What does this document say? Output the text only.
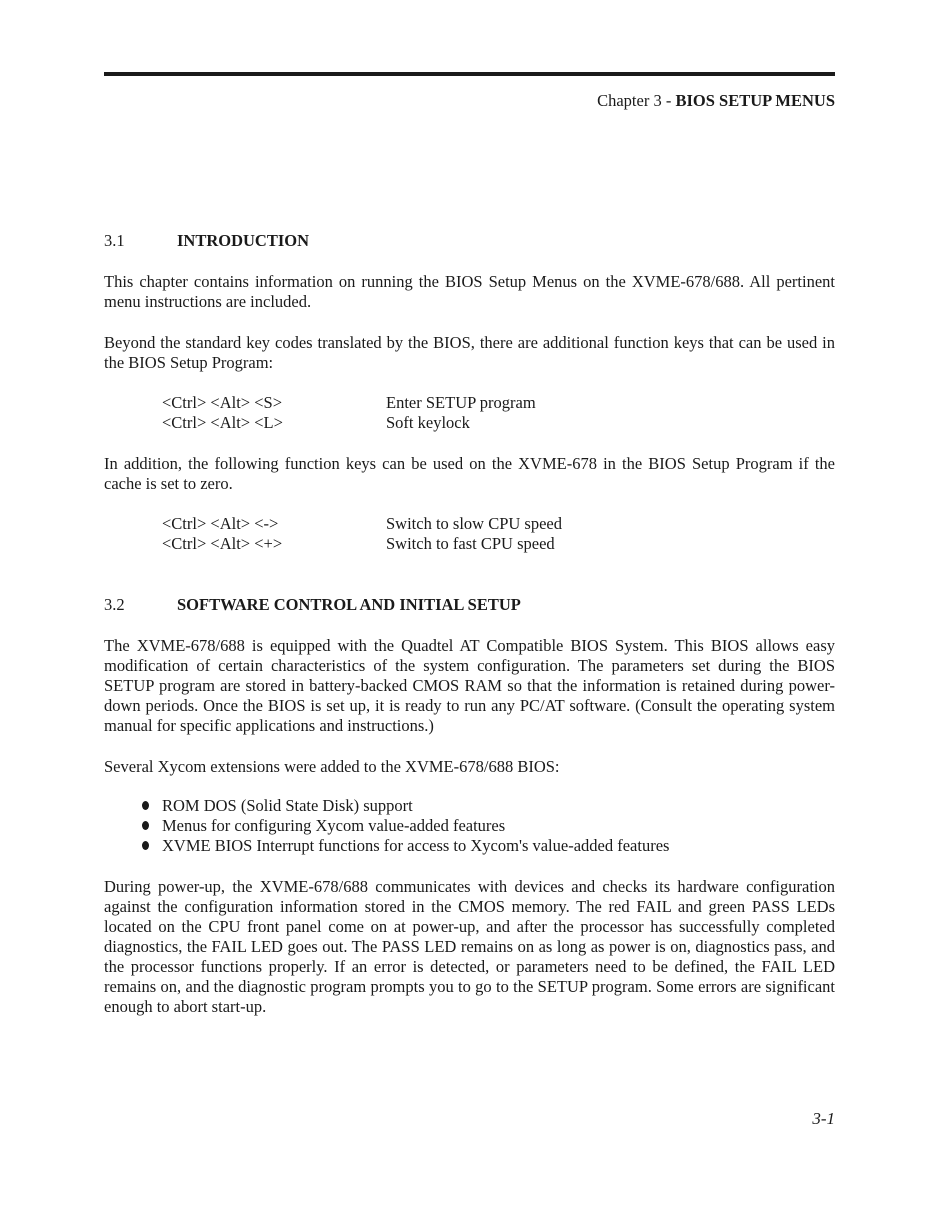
Chapter 3 - BIOS SETUP MENUS
3.1	INTRODUCTION

This chapter contains information on running the BIOS Setup Menus on the XVME-678/688. All pertinent menu instructions are included.

Beyond the standard key codes translated by the BIOS, there are additional function keys that can be used in the BIOS Setup Program:

<Ctrl> <Alt> <S>	Enter SETUP program
<Ctrl> <Alt> <L>	Soft keylock

In addition, the following function keys can be used on the XVME-678 in the BIOS Setup Program if the cache is set to zero.

<Ctrl> <Alt> <->	Switch to slow CPU speed
<Ctrl> <Alt> <+>	Switch to fast CPU speed
3.2	SOFTWARE CONTROL AND INITIAL SETUP

The XVME-678/688 is equipped with the Quadtel AT Compatible BIOS System. This BIOS allows easy modification of certain characteristics of the system configuration. The parameters set during the BIOS SETUP program are stored in battery-backed CMOS RAM so that the information is retained during power-down periods. Once the BIOS is set up, it is ready to run any PC/AT software. (Consult the operating system manual for specific applications and instructions.)

Several Xycom extensions were added to the XVME-678/688 BIOS:

ROM DOS (Solid State Disk) support
Menus for configuring Xycom value-added features
XVME BIOS Interrupt functions for access to Xycom's value-added features

During power-up, the XVME-678/688 communicates with devices and checks its hardware configuration against the configuration information stored in the CMOS memory. The red FAIL and green PASS LEDs located on the CPU front panel come on at power-up, and after the processor has successfully completed diagnostics, the FAIL LED goes out. The PASS LED remains on as long as power is on, diagnostics pass, and the processor functions properly. If an error is detected, or parameters need to be defined, the FAIL LED remains on, and the diagnostic program prompts you to go to the SETUP program. Some errors are significant enough to abort start-up.

3-1
